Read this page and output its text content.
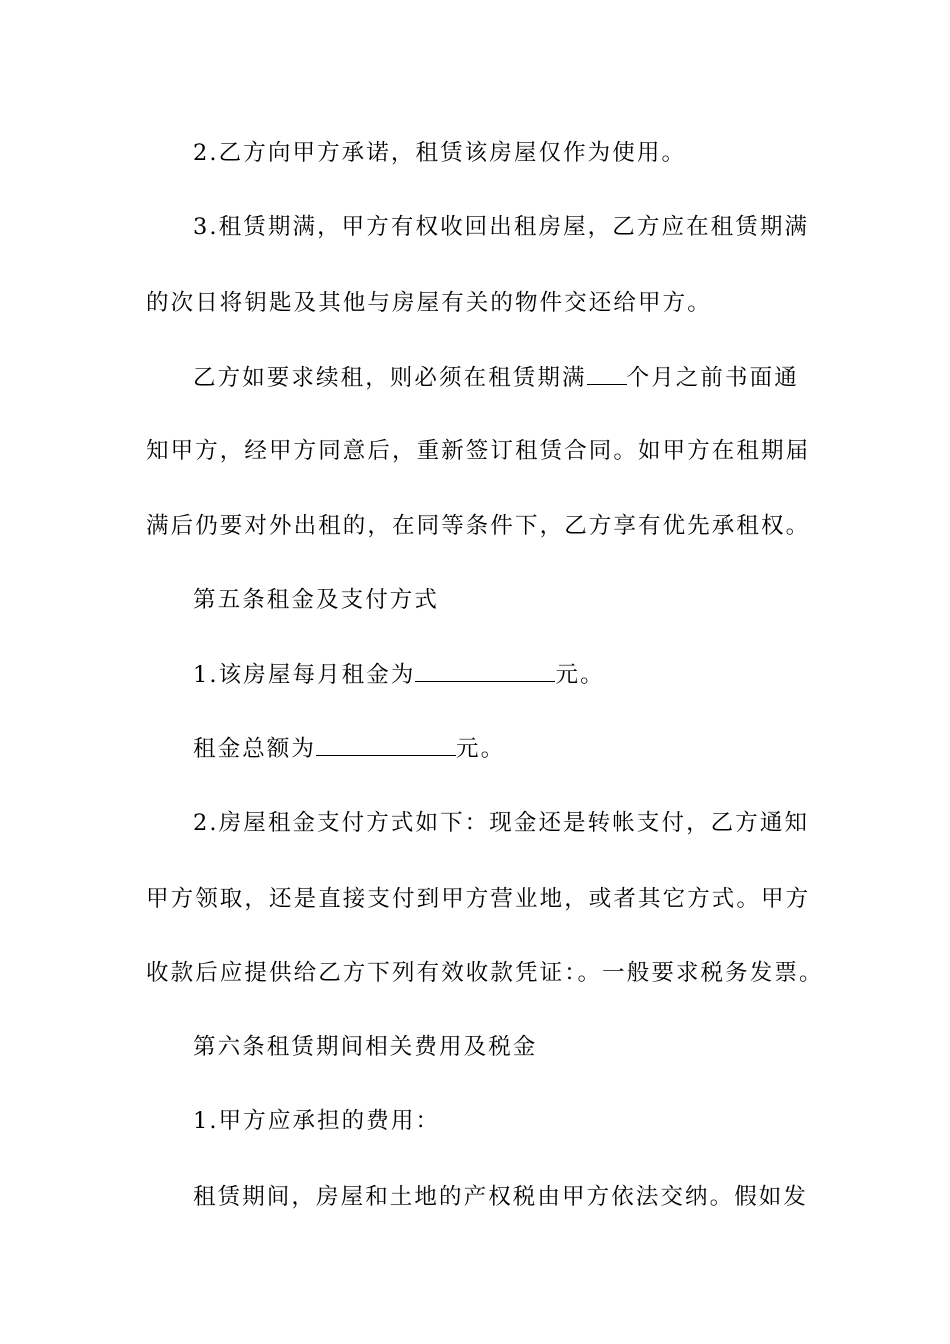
2.乙方向甲方承诺，租赁该房屋仅作为使用。
3.租赁期满，甲方有权收回出租房屋，乙方应在租赁期满
的次日将钥匙及其他与房屋有关的物件交还给甲方。
乙方如要求续租，则必须在租赁期满 个月之前书面通
知甲方，经甲方同意后，重新签订租赁合同。如甲方在租期届
满后仍要对外出租的，在同等条件下，乙方享有优先承租权。
第五条租金及支付方式
1.该房屋每月租金为	元。
租金总额为	元。
2.房屋租金支付方式如下：现金还是转帐支付，乙方通知
甲方领取，还是直接支付到甲方营业地，或者其它方式。甲方
收款后应提供给乙方下列有效收款凭证：。一般要求税务发票。
第六条租赁期间相关费用及税金
1.甲方应承担的费用：
租赁期间，房屋和土地的产权税由甲方依法交纳。假如发
